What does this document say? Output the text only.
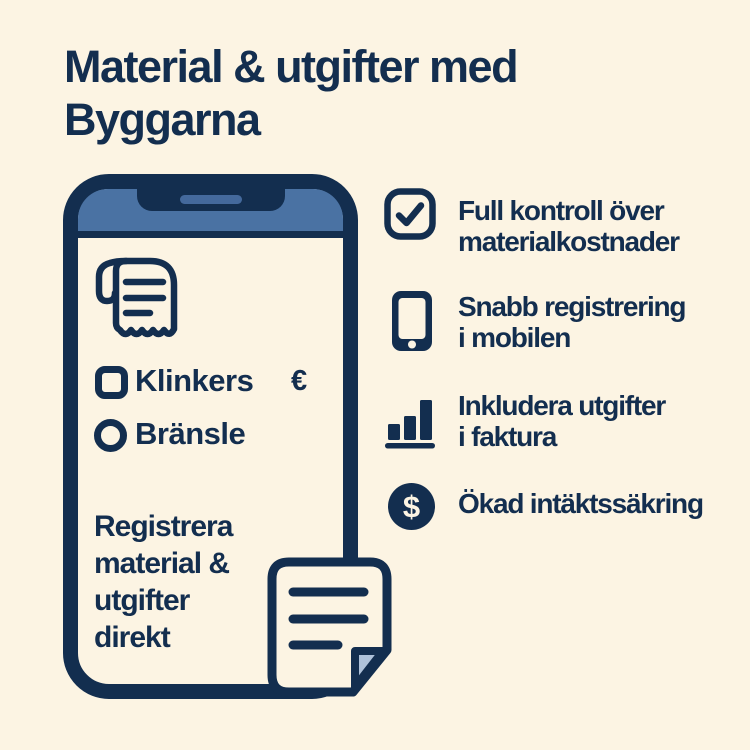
Material & utgifter med
Byggarna
Klinkers €
Bränsle
Registrera
material &
utgifter
direkt
Full kontroll över
materialkostnader
Snabb registrering
i mobilen
Inkludera utgifter
i faktura
$ Ökad intäktssäkring
